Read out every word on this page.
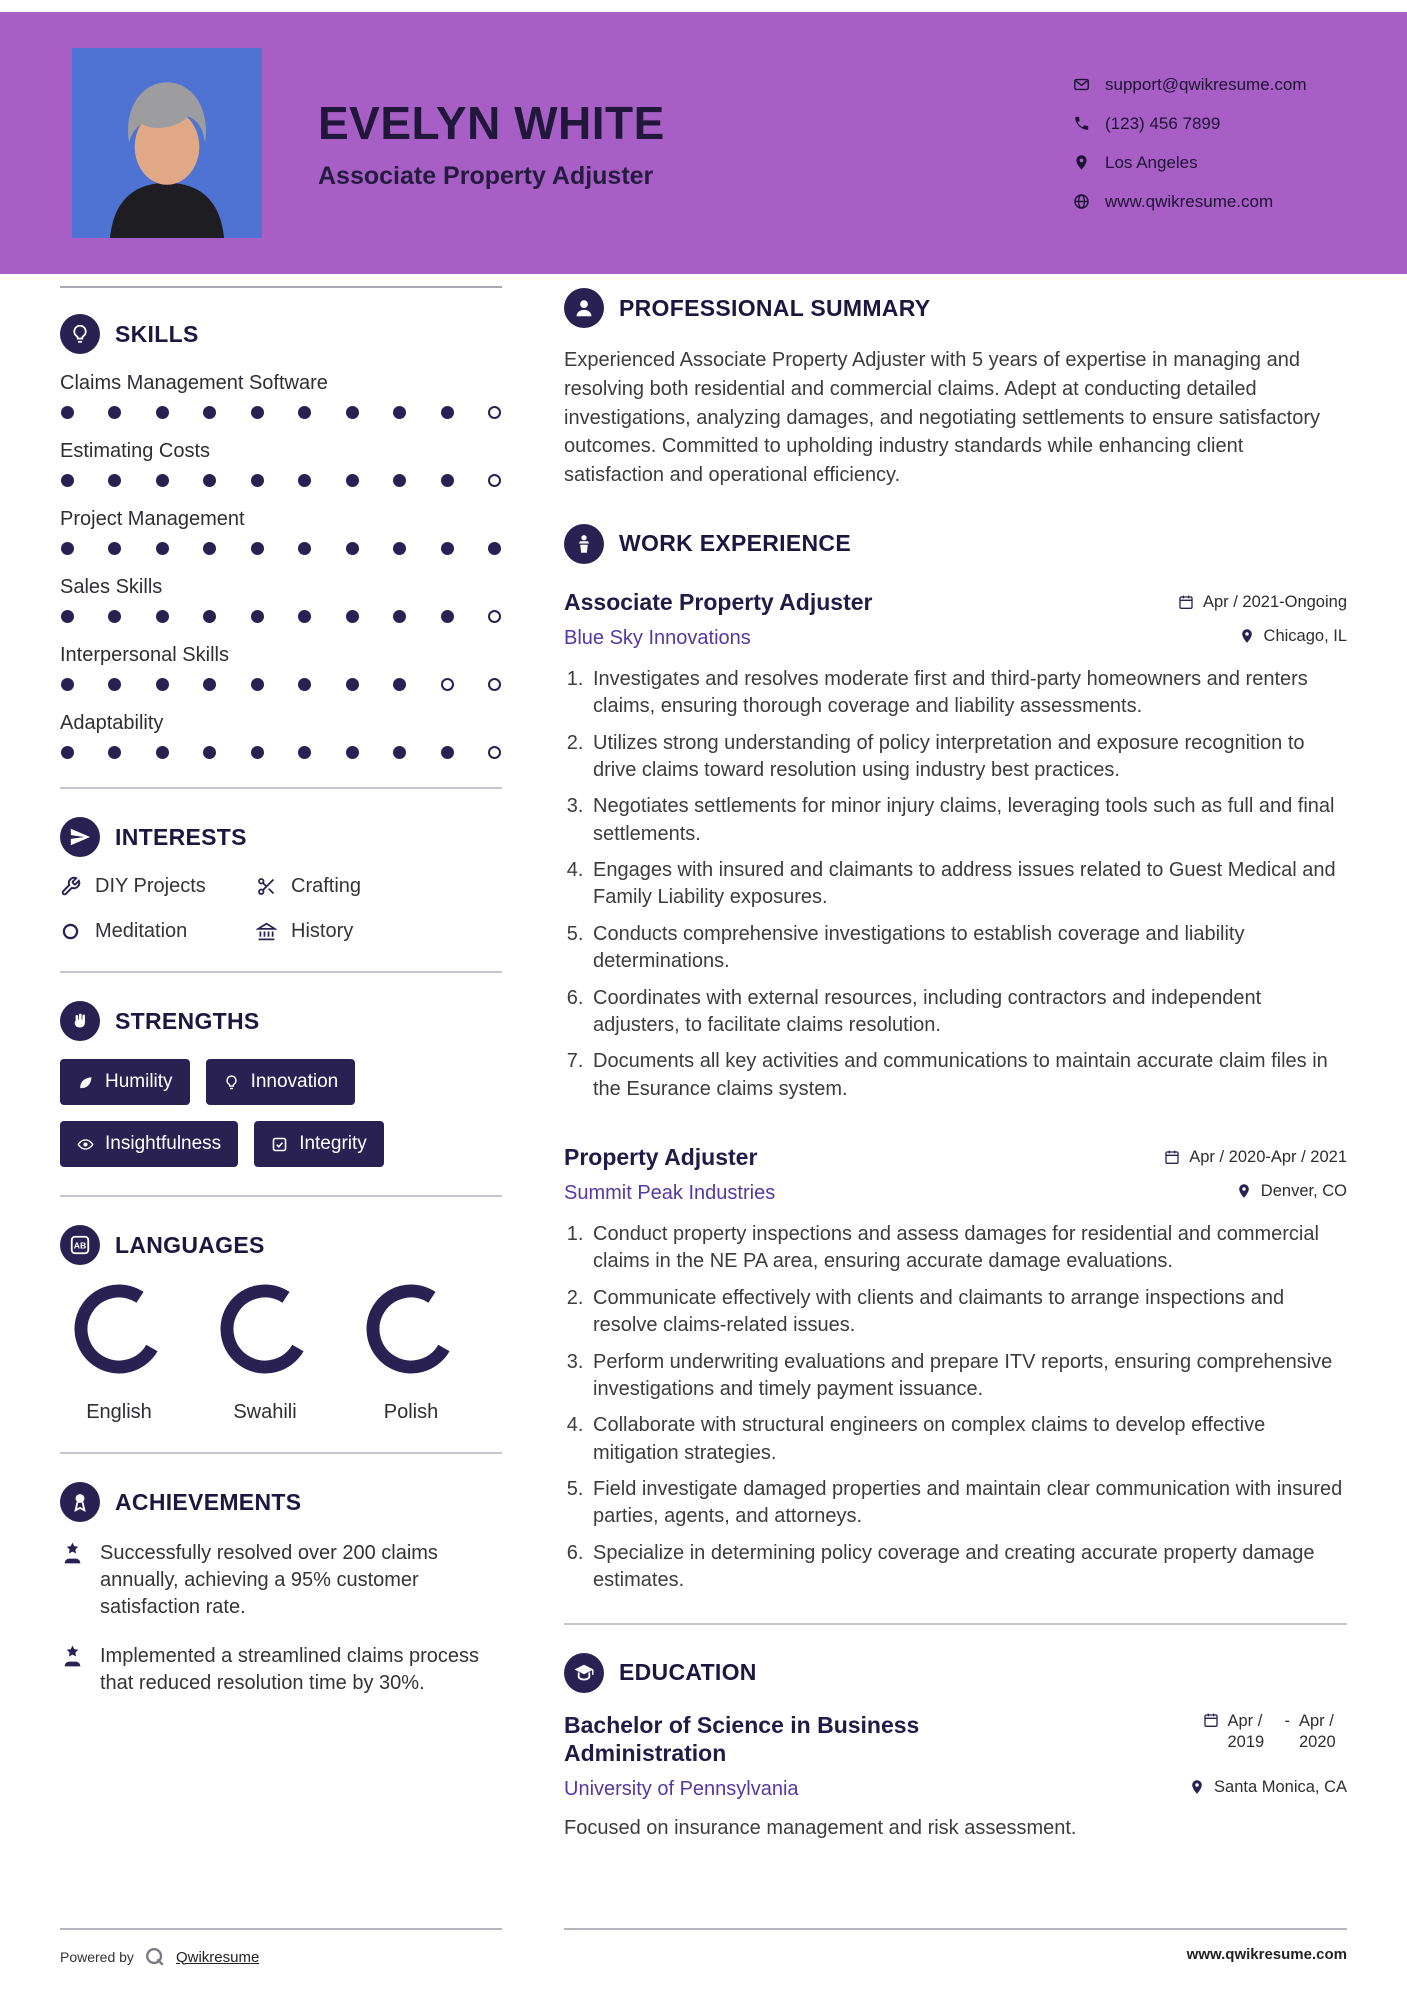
EVELYN WHITE
Associate Property Adjuster
support@qwikresume.com
(123) 456 7899
Los Angeles
www.qwikresume.com
SKILLS
Claims Management Software
Estimating Costs
Project Management
Sales Skills
Interpersonal Skills
Adaptability
INTERESTS
DIY Projects	Crafting
Meditation	History
STRENGTHS
Humility	Innovation
Insightfulness	Integrity
LANGUAGES
English	Swahili	Polish
ACHIEVEMENTS
Successfully resolved over 200 claims annually, achieving a 95% customer satisfaction rate.
Implemented a streamlined claims process that reduced resolution time by 30%.
PROFESSIONAL SUMMARY

Experienced Associate Property Adjuster with 5 years of expertise in managing and resolving both residential and commercial claims. Adept at conducting detailed investigations, analyzing damages, and negotiating settlements to ensure satisfactory outcomes. Committed to upholding industry standards while enhancing client satisfaction and operational efficiency.

WORK EXPERIENCE
Associate Property Adjuster	Apr / 2021-Ongoing
Blue Sky Innovations	Chicago, IL
1. Investigates and resolves moderate first and third-party homeowners and renters claims, ensuring thorough coverage and liability assessments.
2. Utilizes strong understanding of policy interpretation and exposure recognition to drive claims toward resolution using industry best practices.
3. Negotiates settlements for minor injury claims, leveraging tools such as full and final settlements.
4. Engages with insured and claimants to address issues related to Guest Medical and Family Liability exposures.
5. Conducts comprehensive investigations to establish coverage and liability determinations.
6. Coordinates with external resources, including contractors and independent adjusters, to facilitate claims resolution.
7. Documents all key activities and communications to maintain accurate claim files in the Esurance claims system.
Property Adjuster	Apr / 2020-Apr / 2021
Summit Peak Industries	Denver, CO
1. Conduct property inspections and assess damages for residential and commercial claims in the NE PA area, ensuring accurate damage evaluations.
2. Communicate effectively with clients and claimants to arrange inspections and resolve claims-related issues.
3. Perform underwriting evaluations and prepare ITV reports, ensuring comprehensive investigations and timely payment issuance.
4. Collaborate with structural engineers on complex claims to develop effective mitigation strategies.
5. Field investigate damaged properties and maintain clear communication with insured parties, agents, and attorneys.
6. Specialize in determining policy coverage and creating accurate property damage estimates.
EDUCATION
Bachelor of Science in Business Administration
Apr / 2019
- Apr / 2020
University of Pennsylvania	Santa Monica, CA

Focused on insurance management and risk assessment.

Powered by	Qwikresume	www.qwikresume.com
